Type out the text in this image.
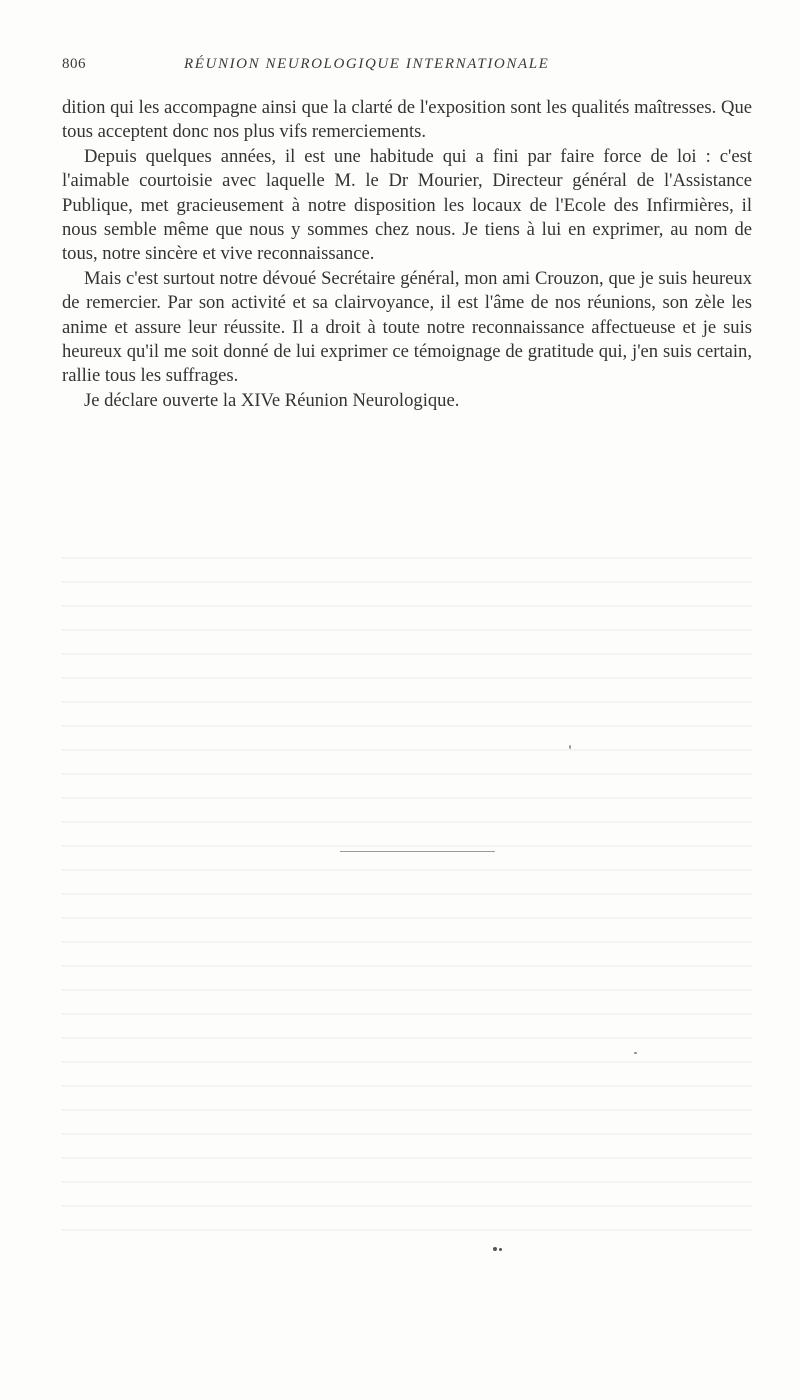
806	RÉUNION NEUROLOGIQUE INTERNATIONALE

dition qui les accompagne ainsi que la clarté de l'exposition sont les qualités maîtresses. Que tous acceptent donc nos plus vifs remerciements.

Depuis quelques années, il est une habitude qui a fini par faire force de loi : c'est l'aimable courtoisie avec laquelle M. le Dr Mourier, Directeur général de l'Assistance Publique, met gracieusement à notre disposition les locaux de l'Ecole des Infirmières, il nous semble même que nous y sommes chez nous. Je tiens à lui en exprimer, au nom de tous, notre sincère et vive reconnaissance.

Mais c'est surtout notre dévoué Secrétaire général, mon ami Crouzon, que je suis heureux de remercier. Par son activité et sa clairvoyance, il est l'âme de nos réunions, son zèle les anime et assure leur réussite. Il a droit à toute notre reconnaissance affectueuse et je suis heureux qu'il me soit donné de lui exprimer ce témoignage de gratitude qui, j'en suis certain, rallie tous les suffrages.

Je déclare ouverte la XIVe Réunion Neurologique.
